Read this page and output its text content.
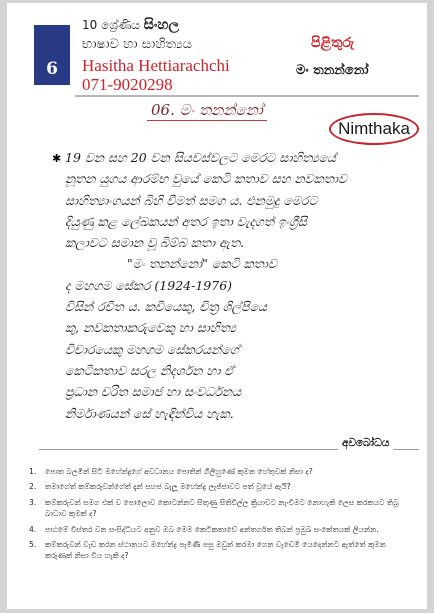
6
10 ශ්‍රේණිය සිංහල
භාෂාව හා සාහිත්‍යය
Hasitha Hettiarachchi
071-9020298
පිළිතුරු
මං තනන්නෝ
06. මං තනන්නෝ
Nimthaka
✱ 19 වන සහ 20 වන සියවස්වලට මෙරට සාහිත්‍යයේ
නූතන යුගය ආරම්භ වුයේ කෙටි කතාව සහ නවකතාව
සාහිත්‍යාංගයන් බිහි වීමත් සමග ය. එනමුදු මෙරට
දියුණු කළ ලේඛකයන් අතර ඉතා වැදගත් ඉංග්‍රීසි
කලාවට සමාන වූ බිම්බ කතා ඇත.
"මං තනන්නෝ" කෙටි කතාව
ද මහගම සේකර (1924-1976)
විසින් රචිත ය. කවියෙකු, චිත්‍ර ශිල්පියෙ
කු, නවකතාකරුවෙකු හා සාහිත්‍ය
විචාරයෙකු මහගම සේකරයන්ගේ
කෙටිකතාව සරල නිදර්ශන හා ඒ
ප්‍රධාන චරිත සමාජ හා සංවර්ධනය
නිර්මාණයන් සේ හැඳින්විය හැක.
අවබෝධය
1.	පොත බලමින් සිටි මහේන්ද්‍රගේ අවධානය පොතින් ගිලිහුණේ කුමන හේතුවක් නිසා ද?
2.	තමාගේත් කම්කරුවන්ගේත් දැන් සහජ බැලූ මහේන්ද්‍ර ලැජ්ජාවට පත් වූයේ ඇයි?
3.	කම්කරුවන් සමග එක් ව පොලොව කොටන්නට සිතුණු සිතිවිල්ල ක්‍රියාවට නැංවීමට නොහැකි ලෙස කරකයට තිබූ බාධාව කුමක් ද?
4.	පාඨමේ විස්තර වන සංසිද්ධියට අනුව ඔබ මෙම කෙටිකතාවේ අන්තර්ගත තිබන් ප්‍රමුඛ සංකේතයක් ලියන්න.
5.	කම්කරුවන් වැඩ කරන ස්ථානයට මහේන්ද්‍ර පැමිණි පසු ඔවුන් කරමා ගෙන වැඩෙමි යෙදෙන්නට ඇත්තේ කුමන කරුණක් නිසා විය හැකි ද?
